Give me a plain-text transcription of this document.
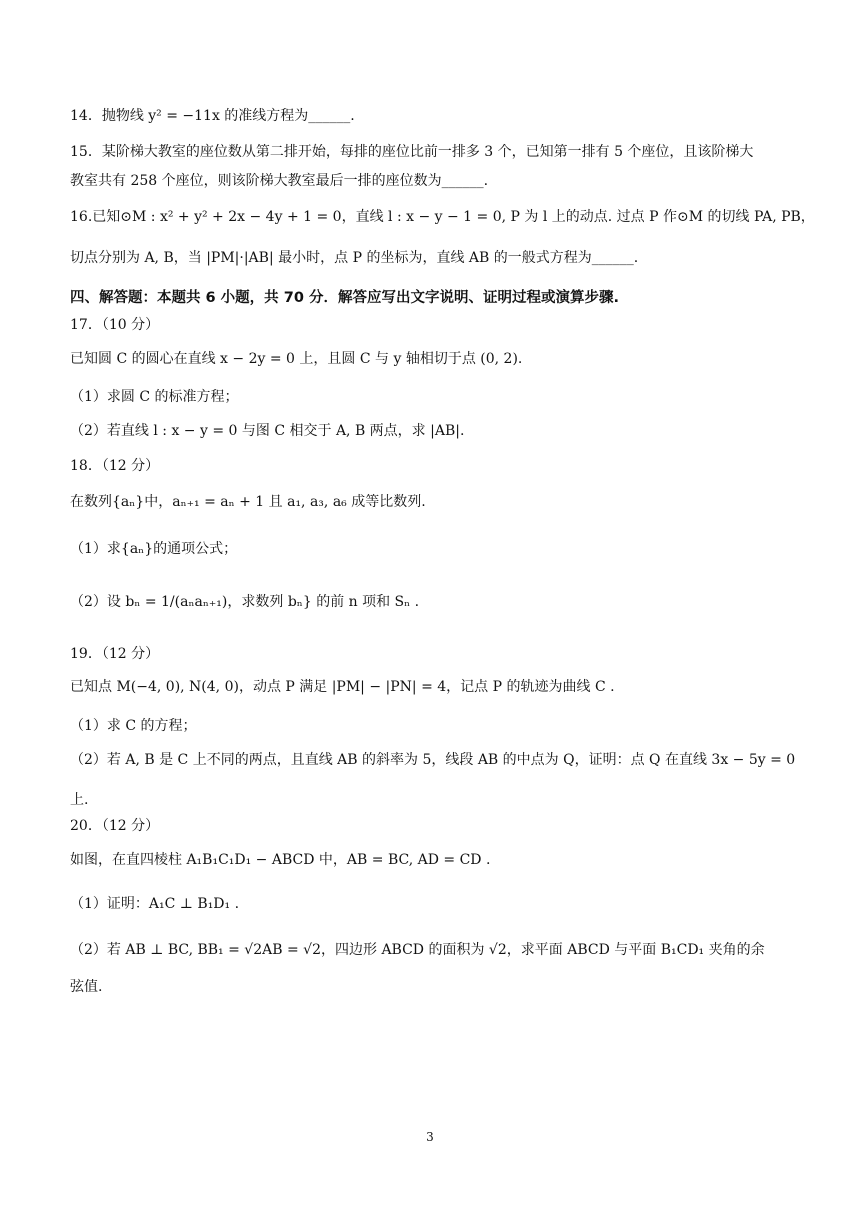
14．抛物线 y² = −11x 的准线方程为______.
15．某阶梯大教室的座位数从第二排开始，每排的座位比前一排多 3 个，已知第一排有 5 个座位，且该阶梯大
教室共有 258 个座位，则该阶梯大教室最后一排的座位数为______.
16.已知⊙M : x² + y² + 2x − 4y + 1 = 0，直线 l : x − y − 1 = 0, P 为 l 上的动点. 过点 P 作⊙M 的切线 PA, PB，
切点分别为 A, B，当 |PM|·|AB| 最小时，点 P 的坐标为，直线 AB 的一般式方程为______.
四、解答题：本题共 6 小题，共 70 分．解答应写出文字说明、证明过程或演算步骤.
17．（10 分）
已知圆 C 的圆心在直线 x − 2y = 0 上，且圆 C 与 y 轴相切于点 (0, 2).
（1）求圆 C 的标准方程；
（2）若直线 l : x − y = 0 与图 C 相交于 A, B 两点，求 |AB|.
18．（12 分）
在数列{aₙ}中，aₙ₊₁ = aₙ + 1 且 a₁, a₃, a₆ 成等比数列.
（1）求{aₙ}的通项公式；
（2）设 bₙ = 1/(aₙaₙ₊₁)，求数列 bₙ} 的前 n 项和 Sₙ .
19．（12 分）
已知点 M(−4, 0), N(4, 0)，动点 P 满足 |PM| − |PN| = 4，记点 P 的轨迹为曲线 C .
（1）求 C 的方程；
（2）若 A, B 是 C 上不同的两点，且直线 AB 的斜率为 5，线段 AB 的中点为 Q，证明：点 Q 在直线 3x − 5y = 0
上.
20．（12 分）
如图，在直四棱柱 A₁B₁C₁D₁ − ABCD 中，AB = BC, AD = CD .
（1）证明：A₁C ⊥ B₁D₁ .
（2）若 AB ⊥ BC, BB₁ = √2AB = √2，四边形 ABCD 的面积为 √2，求平面 ABCD 与平面 B₁CD₁ 夹角的余
弦值.
3
